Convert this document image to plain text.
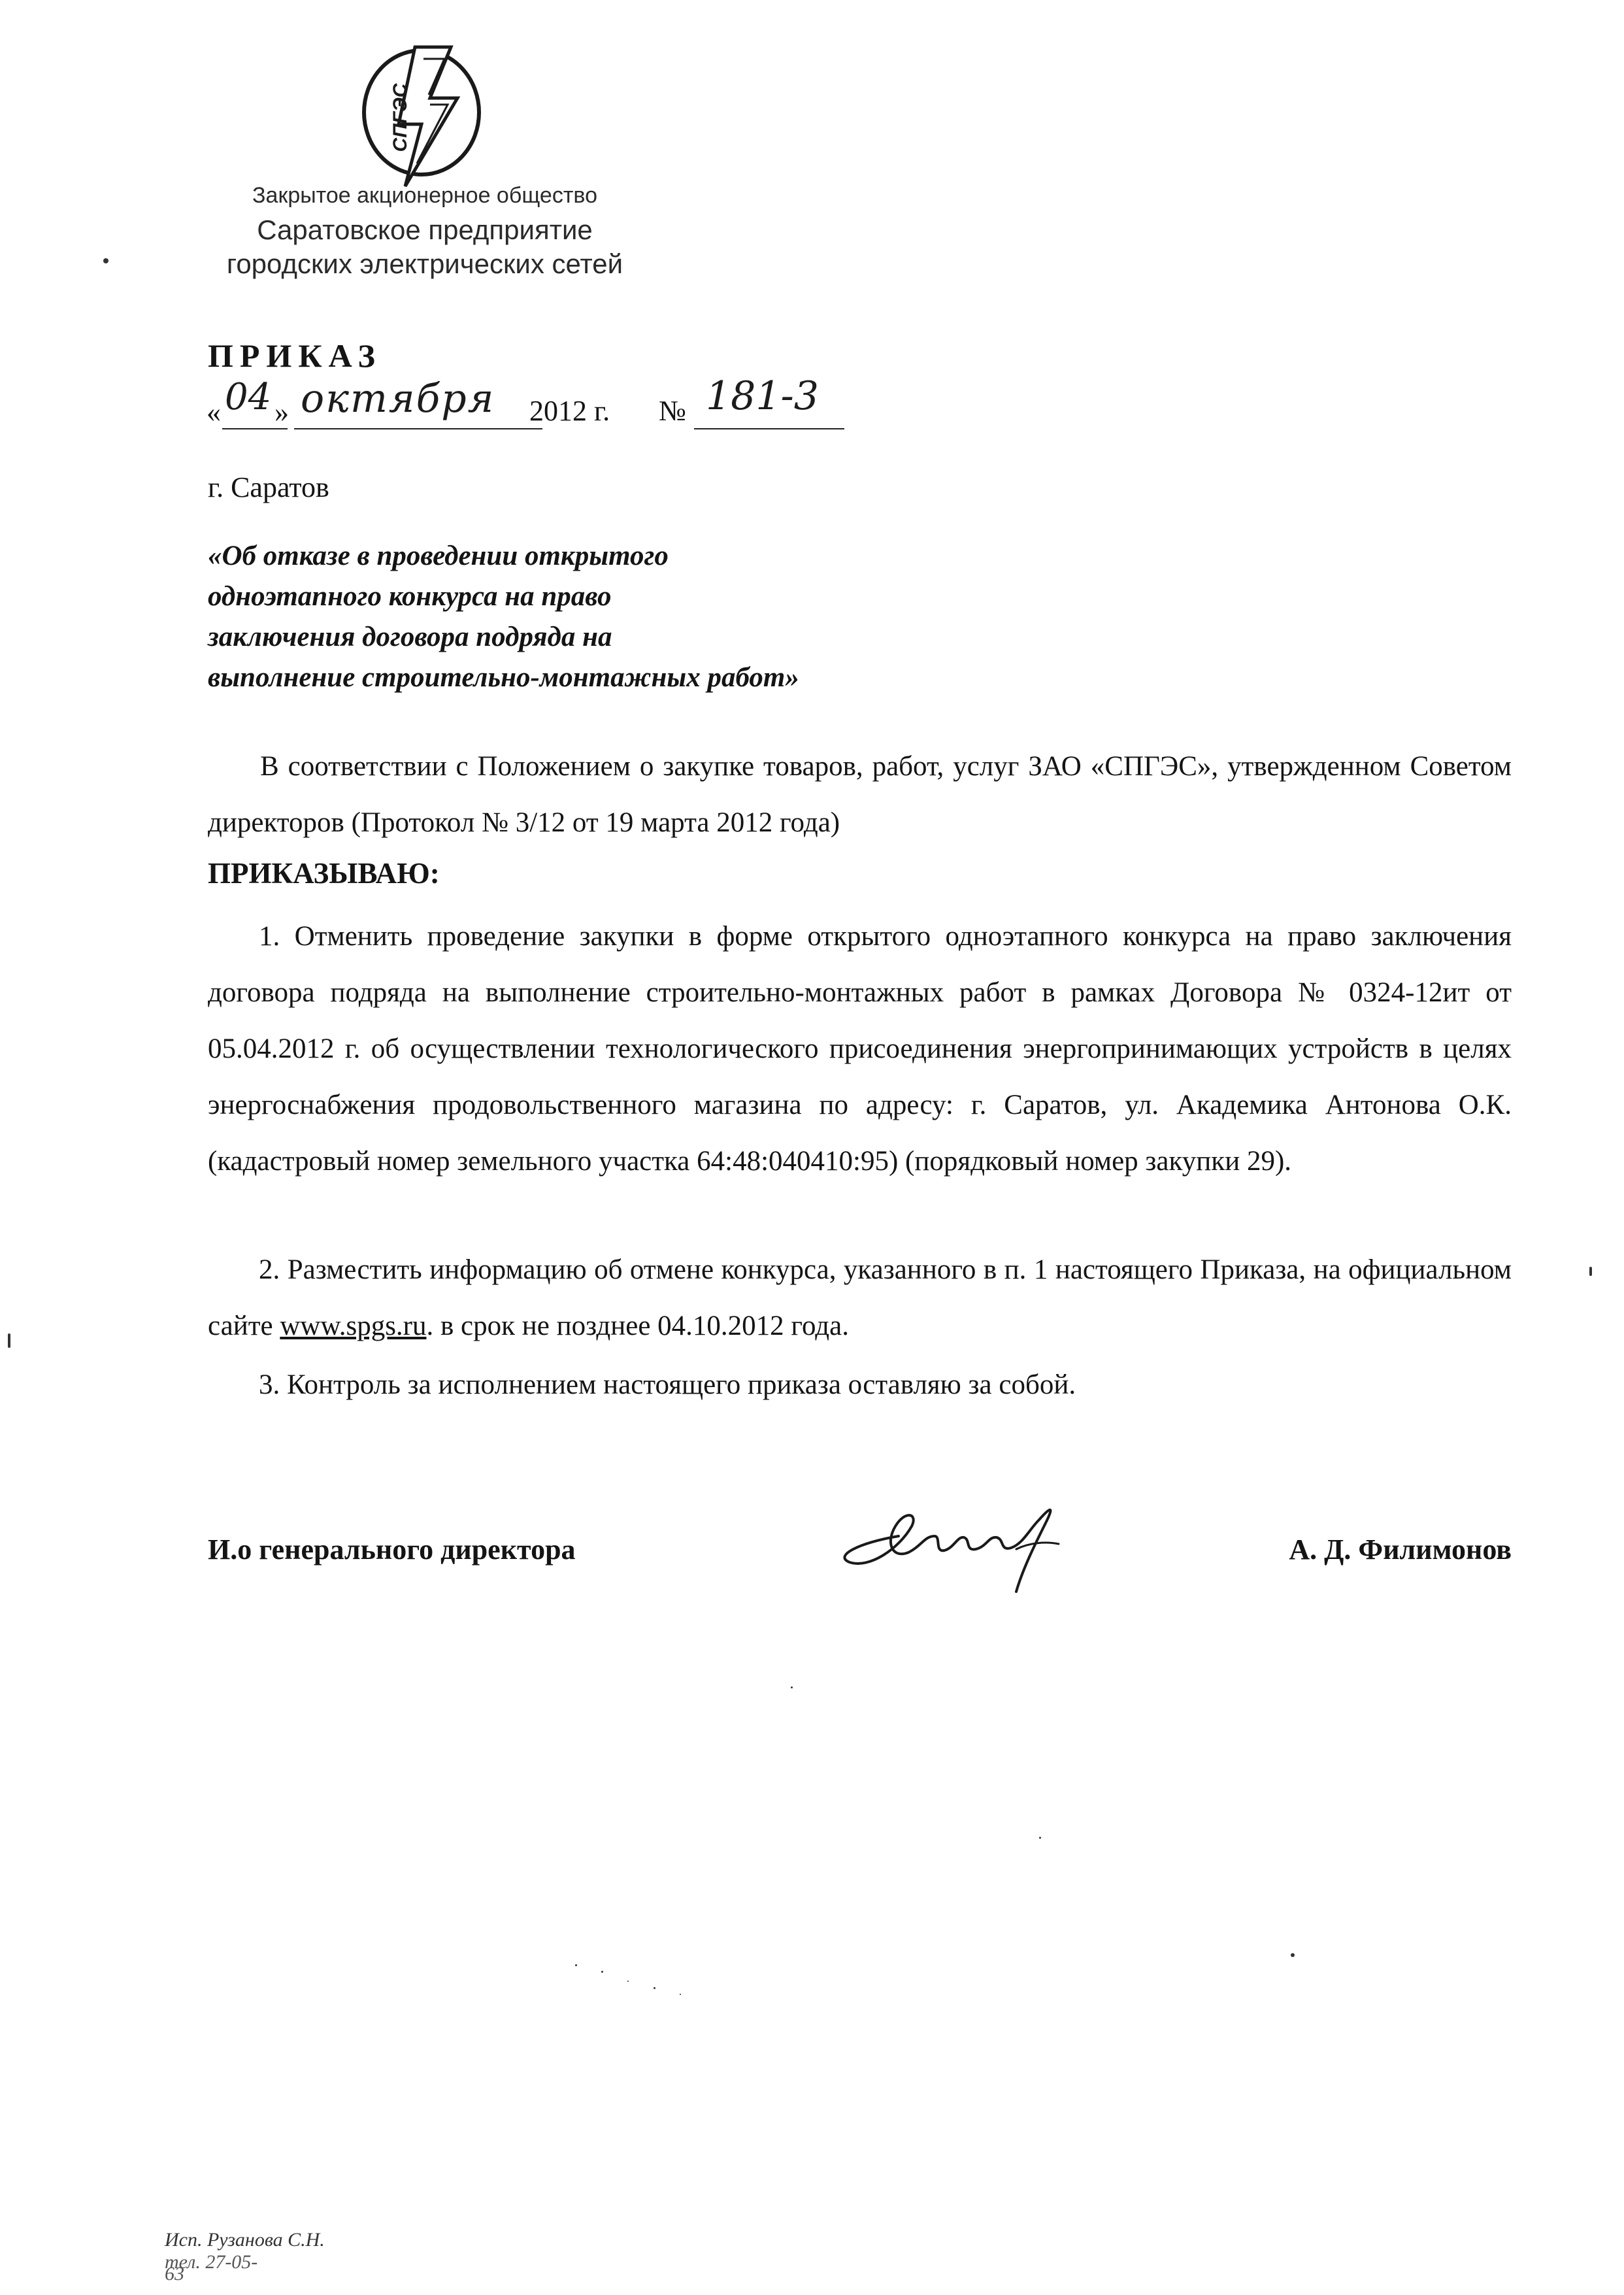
СПГЭС
Закрытое акционерное общество
Саратовское предприятие
городских электрических сетей
ПРИКАЗ
« 04 » октября 2012 г. № 181-3
г. Саратов
«Об отказе в проведении открытого
одноэтапного конкурса на право
заключения договора подряда на
выполнение строительно-монтажных работ»
В соответствии с Положением о закупке товаров, работ, услуг ЗАО «СПГЭС», утвержденном Советом директоров (Протокол № 3/12 от 19 марта 2012 года)
ПРИКАЗЫВАЮ:
1. Отменить проведение закупки в форме открытого одноэтапного конкурса на право заключения договора подряда на выполнение строительно-монтажных работ в рамках Договора № 0324-12ит от 05.04.2012 г. об осуществлении технологического присоединения энергопринимающих устройств в целях энергоснабжения продовольственного магазина по адресу: г. Саратов, ул. Академика Антонова О.К. (кадастровый номер земельного участка 64:48:040410:95) (порядковый номер закупки 29).
2. Разместить информацию об отмене конкурса, указанного в п. 1 настоящего Приказа, на официальном сайте www.spgs.ru. в срок не позднее 04.10.2012 года.
3. Контроль за исполнением настоящего приказа оставляю за собой.
И.о генерального директора	А. Д. Филимонов
Исп. Рузанова С.Н.
тел. 27-05-63
